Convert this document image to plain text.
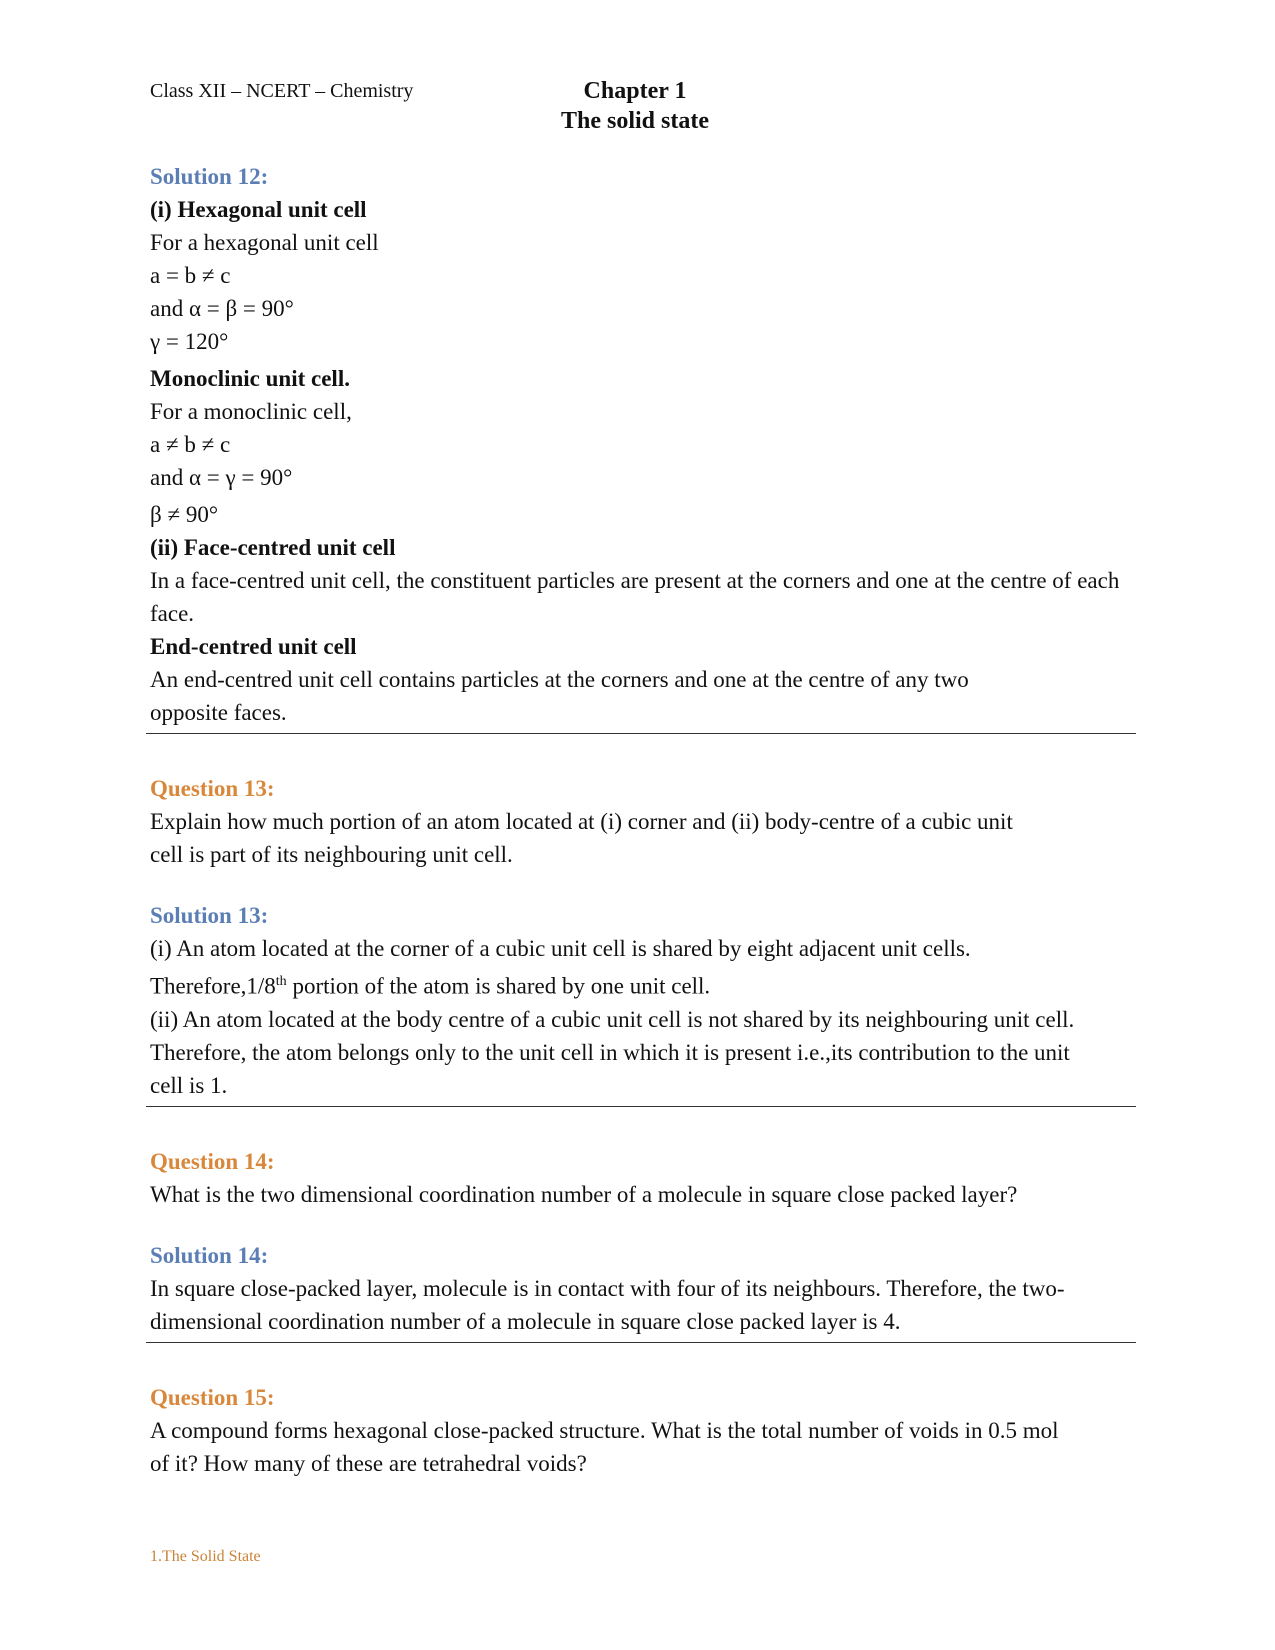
Class XII – NCERT – Chemistry	Chapter 1
The solid state
Solution 12:

(i) Hexagonal unit cell

For a hexagonal unit cell

a = b ≠ c

and α = β = 90°

γ = 120°

Monoclinic unit cell.

For a monoclinic cell,

a ≠ b ≠ c

and α = γ = 90°

β ≠ 90°

(ii) Face-centred unit cell

In a face-centred unit cell, the constituent particles are present at the corners and one at the centre of each face.

End-centred unit cell

An end-centred unit cell contains particles at the corners and one at the centre of any two opposite faces.

Question 13:

Explain how much portion of an atom located at (i) corner and (ii) body-centre of a cubic unit cell is part of its neighbouring unit cell.

Solution 13:

(i) An atom located at the corner of a cubic unit cell is shared by eight adjacent unit cells.

Therefore,1/8th portion of the atom is shared by one unit cell.

(ii) An atom located at the body centre of a cubic unit cell is not shared by its neighbouring unit cell. Therefore, the atom belongs only to the unit cell in which it is present i.e.,its contribution to the unit cell is 1.

Question 14:

What is the two dimensional coordination number of a molecule in square close packed layer?

Solution 14:

In square close-packed layer, molecule is in contact with four of its neighbours. Therefore, the two-dimensional coordination number of a molecule in square close packed layer is 4.

Question 15:

A compound forms hexagonal close-packed structure. What is the total number of voids in 0.5 mol of it? How many of these are tetrahedral voids?

1.The Solid State
